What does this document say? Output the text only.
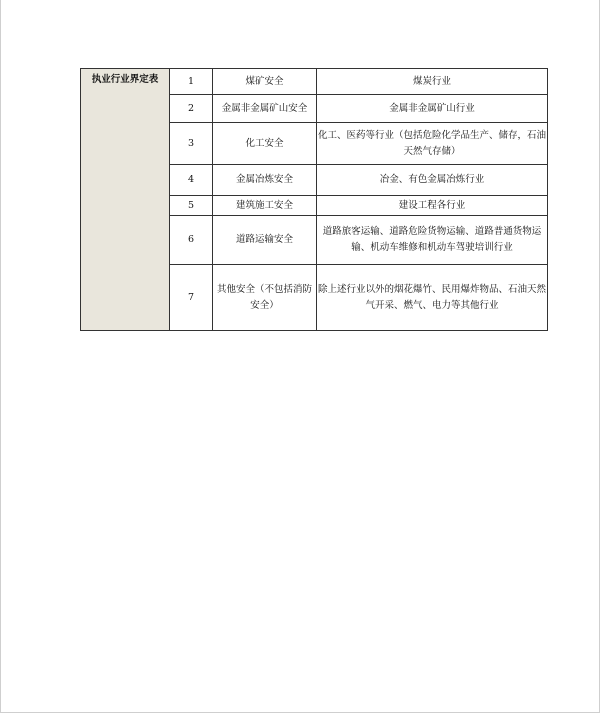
执业行业界定表	1	煤矿安全	煤炭行业
	2	金属非金属矿山安全	金属非金属矿山行业
	3	化工安全	化工、医药等行业（包括危险化学品生产、储存，石油天然气存储）
	4	金属冶炼安全	冶金、有色金属冶炼行业
	5	建筑施工安全	建设工程各行业
	6	道路运输安全	道路旅客运输、道路危险货物运输、道路普通货物运输、机动车维修和机动车驾驶培训行业
	7	其他安全（不包括消防安全）	除上述行业以外的烟花爆竹、民用爆炸物品、石油天然气开采、燃气、电力等其他行业
